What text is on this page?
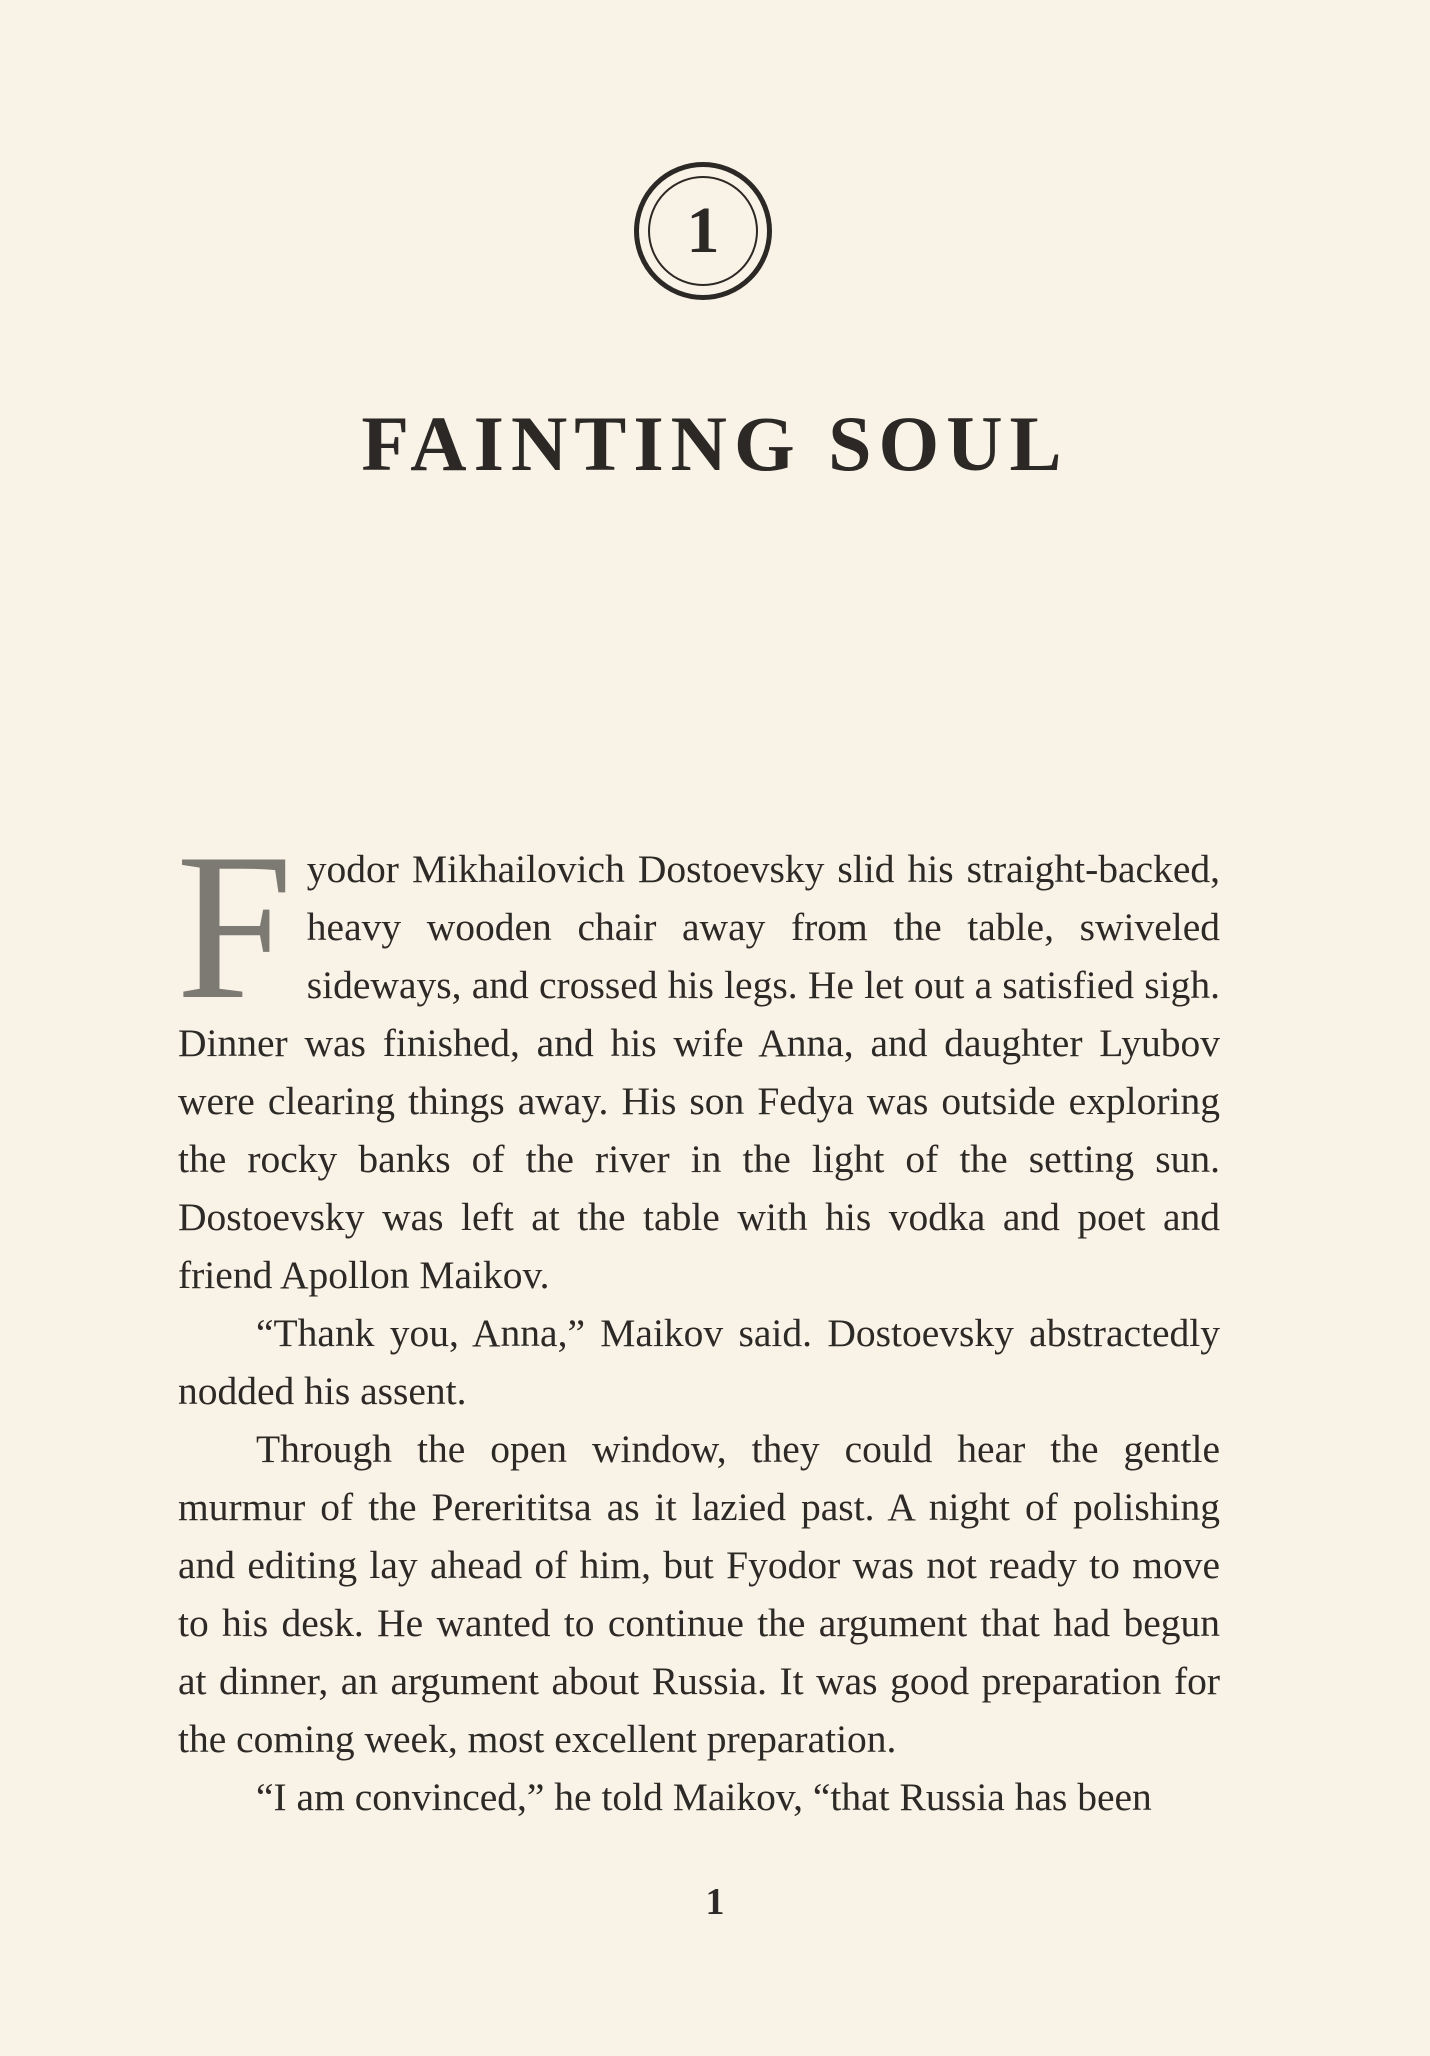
1
FAINTING SOUL

Fyodor Mikhailovich Dostoevsky slid his straight-backed, heavy wooden chair away from the table, swiveled sideways, and crossed his legs. He let out a satisfied sigh. Dinner was finished, and his wife Anna, and daughter Lyubov were clearing things away. His son Fedya was outside exploring the rocky banks of the river in the light of the setting sun. Dostoevsky was left at the table with his vodka and poet and friend Apollon Maikov.

“Thank you, Anna,” Maikov said. Dostoevsky abstractedly nodded his assent.

Through the open window, they could hear the gentle murmur of the Pererititsa as it lazied past. A night of polishing and editing lay ahead of him, but Fyodor was not ready to move to his desk. He wanted to continue the argument that had begun at dinner, an argument about Russia. It was good preparation for the coming week, most excellent preparation.

“I am convinced,” he told Maikov, “that Russia has been

1
